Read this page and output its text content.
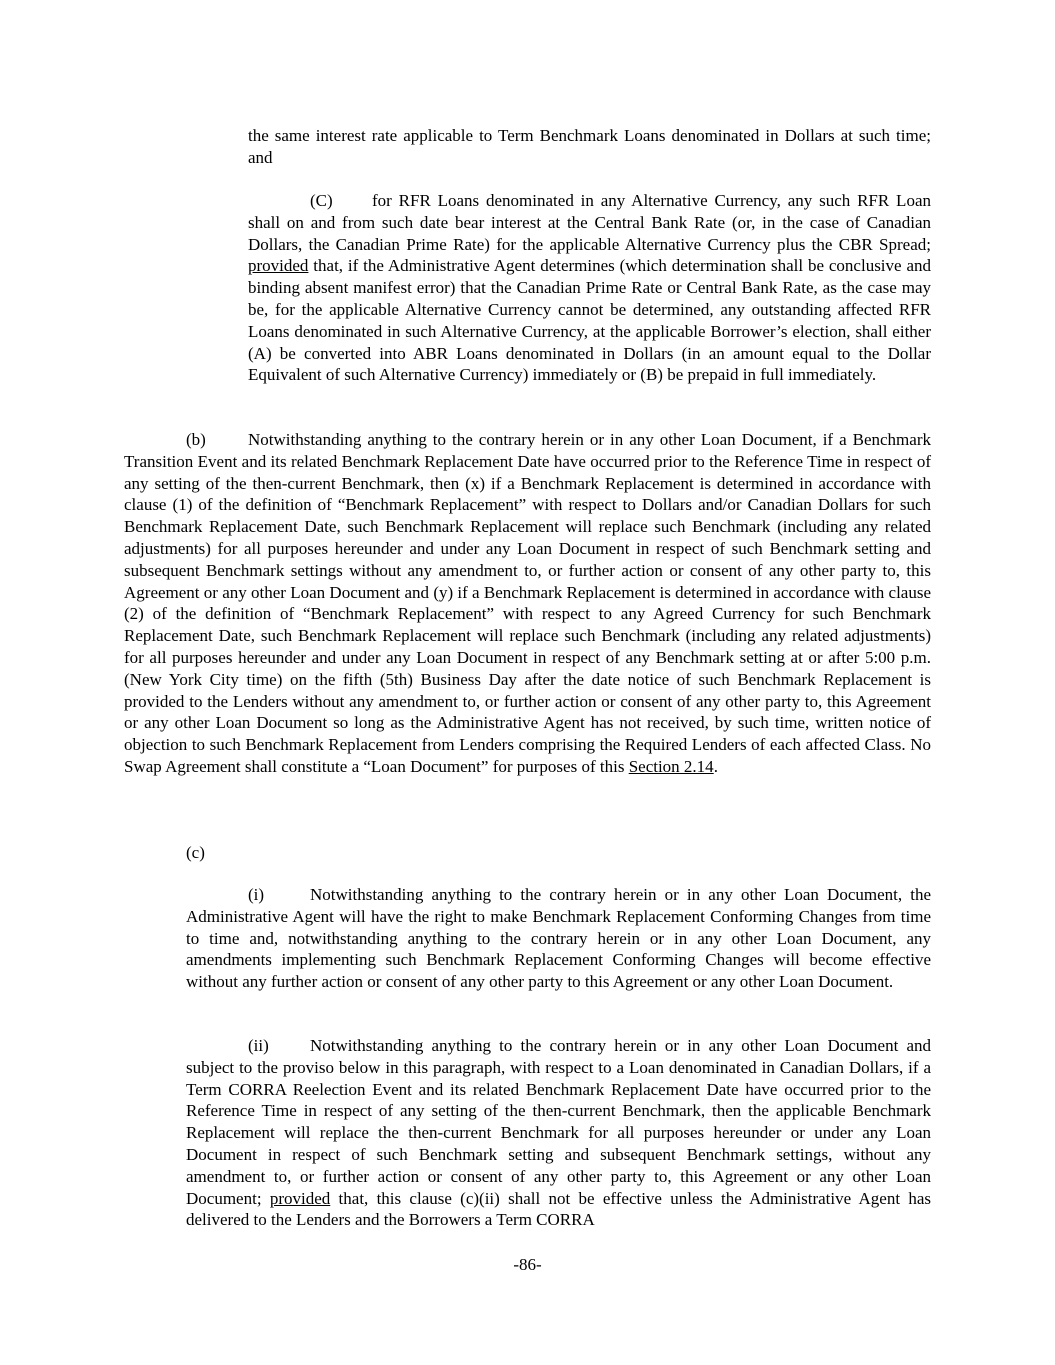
the same interest rate applicable to Term Benchmark Loans denominated in Dollars at such time; and

(C) for RFR Loans denominated in any Alternative Currency, any such RFR Loan shall on and from such date bear interest at the Central Bank Rate (or, in the case of Canadian Dollars, the Canadian Prime Rate) for the applicable Alternative Currency plus the CBR Spread; provided that, if the Administrative Agent determines (which determination shall be conclusive and binding absent manifest error) that the Canadian Prime Rate or Central Bank Rate, as the case may be, for the applicable Alternative Currency cannot be determined, any outstanding affected RFR Loans denominated in such Alternative Currency, at the applicable Borrower’s election, shall either (A) be converted into ABR Loans denominated in Dollars (in an amount equal to the Dollar Equivalent of such Alternative Currency) immediately or (B) be prepaid in full immediately.

(b) Notwithstanding anything to the contrary herein or in any other Loan Document, if a Benchmark Transition Event and its related Benchmark Replacement Date have occurred prior to the Reference Time in respect of any setting of the then-current Benchmark, then (x) if a Benchmark Replacement is determined in accordance with clause (1) of the definition of “Benchmark Replacement” with respect to Dollars and/or Canadian Dollars for such Benchmark Replacement Date, such Benchmark Replacement will replace such Benchmark (including any related adjustments) for all purposes hereunder and under any Loan Document in respect of such Benchmark setting and subsequent Benchmark settings without any amendment to, or further action or consent of any other party to, this Agreement or any other Loan Document and (y) if a Benchmark Replacement is determined in accordance with clause (2) of the definition of “Benchmark Replacement” with respect to any Agreed Currency for such Benchmark Replacement Date, such Benchmark Replacement will replace such Benchmark (including any related adjustments) for all purposes hereunder and under any Loan Document in respect of any Benchmark setting at or after 5:00 p.m. (New York City time) on the fifth (5th) Business Day after the date notice of such Benchmark Replacement is provided to the Lenders without any amendment to, or further action or consent of any other party to, this Agreement or any other Loan Document so long as the Administrative Agent has not received, by such time, written notice of objection to such Benchmark Replacement from Lenders comprising the Required Lenders of each affected Class. No Swap Agreement shall constitute a “Loan Document” for purposes of this Section 2.14.

(c)

(i)	Notwithstanding anything to the contrary herein or in any other Loan Document, the Administrative Agent will have the right to make Benchmark Replacement Conforming Changes from time to time and, notwithstanding anything to the contrary herein or in any other Loan Document, any amendments implementing such Benchmark Replacement Conforming Changes will become effective without any further action or consent of any other party to this Agreement or any other Loan Document.

(ii) Notwithstanding anything to the contrary herein or in any other Loan Document and subject to the proviso below in this paragraph, with respect to a Loan denominated in Canadian Dollars, if a Term CORRA Reelection Event and its related Benchmark Replacement Date have occurred prior to the Reference Time in respect of any setting of the then-current Benchmark, then the applicable Benchmark Replacement will replace the then-current Benchmark for all purposes hereunder or under any Loan Document in respect of such Benchmark setting and subsequent Benchmark settings, without any amendment to, or further action or consent of any other party to, this Agreement or any other Loan Document; provided that, this clause (c)(ii) shall not be effective unless the Administrative Agent has delivered to the Lenders and the Borrowers a Term CORRA

-86-
